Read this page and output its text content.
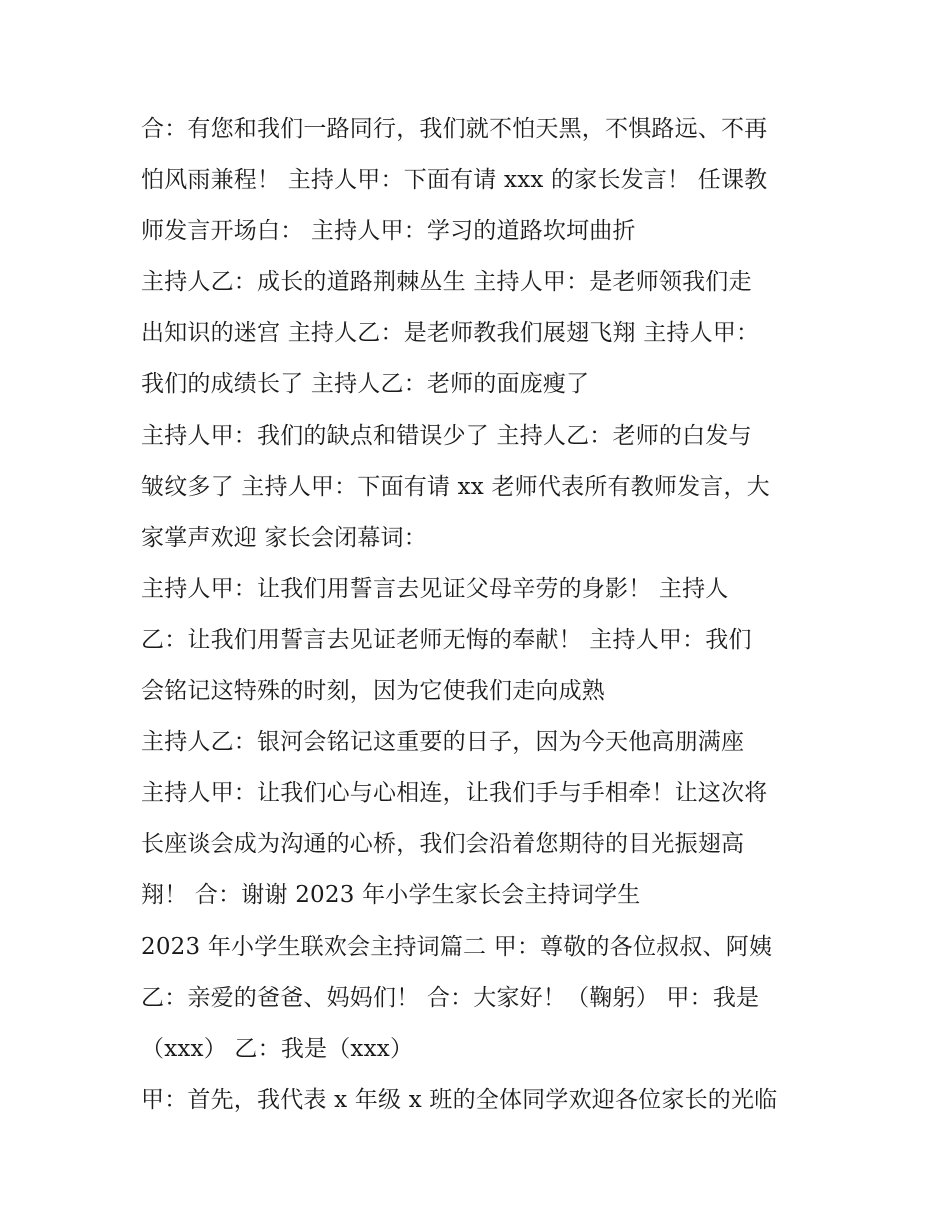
合：有您和我们一路同行，我们就不怕天黑，不惧路远、不再
怕风雨兼程！ 主持人甲：下面有请 xxx 的家长发言！ 任课教
师发言开场白： 主持人甲：学习的道路坎坷曲折
主持人乙：成长的道路荆棘丛生 主持人甲：是老师领我们走
出知识的迷宫 主持人乙：是老师教我们展翅飞翔 主持人甲：
我们的成绩长了 主持人乙：老师的面庞瘦了
主持人甲：我们的缺点和错误少了 主持人乙：老师的白发与
皱纹多了 主持人甲：下面有请 xx 老师代表所有教师发言，大
家掌声欢迎 家长会闭幕词：
主持人甲：让我们用誓言去见证父母辛劳的身影！ 主持人
乙：让我们用誓言去见证老师无悔的奉献！ 主持人甲：我们
会铭记这特殊的时刻，因为它使我们走向成熟
主持人乙：银河会铭记这重要的日子，因为今天他高朋满座
主持人甲：让我们心与心相连，让我们手与手相牵！让这次将
长座谈会成为沟通的心桥，我们会沿着您期待的目光振翅高
翔！ 合：谢谢 2023 年小学生家长会主持词学生
2023 年小学生联欢会主持词篇二 甲：尊敬的各位叔叔、阿姨
乙：亲爱的爸爸、妈妈们！ 合：大家好！（鞠躬） 甲：我是
（xxx） 乙：我是（xxx）
甲：首先，我代表 x 年级 x 班的全体同学欢迎各位家长的光临
